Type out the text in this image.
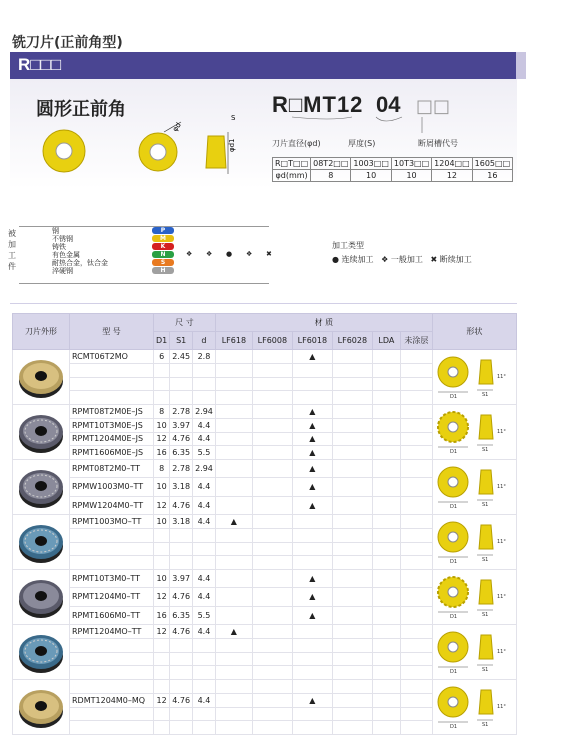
铣刀片(正前角型)
R□□□
圆形正前角
φd
φd1
S
R□MT12 04 □□
刀片直径(φd)	厚度(S)	断屑槽代号
R□T□□	08T2□□	1003□□	10T3□□	1204□□	1605□□
φd(mm)	8	10	10	12	16
被加工件
钢	P
不锈钢	M
铸铁	K
有色金属	N	❖ ❖ ● ❖ ✖
耐热合金，钛合金	S
淬硬钢	H
加工类型
● 连续加工 ❖ 一般加工 ✖ 断续加工
刀片外形	型 号	尺 寸			材 质						形状
		D1	S1	d	LF618	LF6008	LF6018	LF6028	LDA	未涂层	

	RCMT06T2MO	6	2.45	2.8			▲				D1 S1
11°

	RPMT08T2M0E–JS	8	2.78	2.94			▲				D1 S1
11°

	RPMT10T3M0E–JS	10	3.97	4.4			▲				
	RPMT1204M0E–JS	12	4.76	4.4			▲				
	RPMT1606M0E–JS	16	6.35	5.5			▲				

	RPMT08T2M0–TT	8	2.78	2.94			▲				D1 S1
11°

	RPMW1003M0–TT	10	3.18	4.4			▲				
	RPMW1204M0–TT	12	4.76	4.4			▲				

	RPMT1003MO–TT	10	3.18	4.4	▲						D1 S1
11°

	RPMT10T3M0–TT	10	3.97	4.4			▲				D1 S1
11°

	RPMT1204M0–TT	12	4.76	4.4			▲				
	RPMT1606M0–TT	16	6.35	5.5			▲				

	RPMT1204MO–TT	12	4.76	4.4	▲						D1 S1
11°

D1 S1
11°

	RDMT1204M0–MQ	12	4.76	4.4			▲				
